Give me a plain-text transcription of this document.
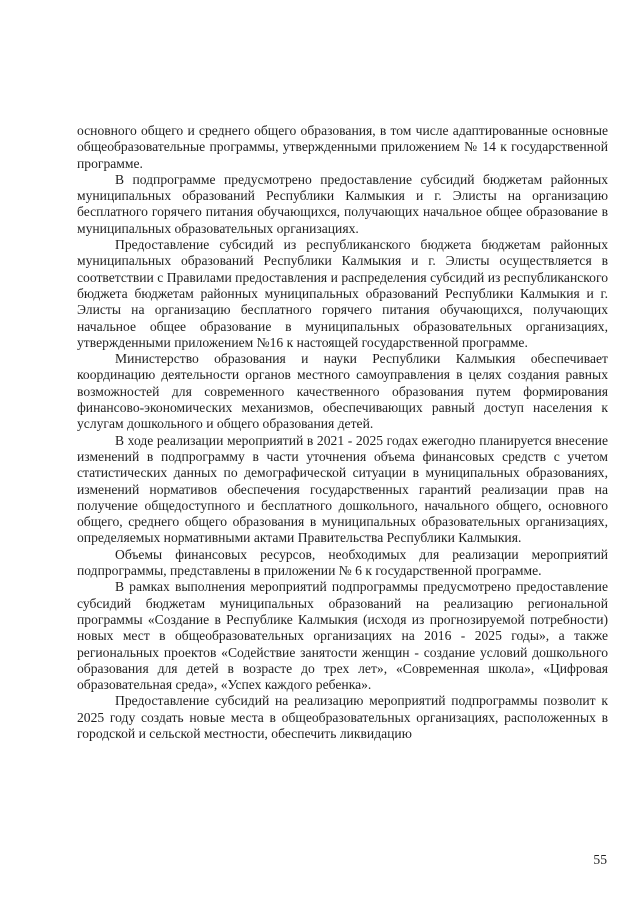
основного общего и среднего общего образования, в том числе адаптированные основные общеобразовательные программы, утвержденными приложением № 14 к государственной программе.

В подпрограмме предусмотрено предоставление субсидий бюджетам районных муниципальных образований Республики Калмыкия и г. Элисты на организацию бесплатного горячего питания обучающихся, получающих начальное общее образование в муниципальных образовательных организациях.

Предоставление субсидий из республиканского бюджета бюджетам районных муниципальных образований Республики Калмыкия и г. Элисты осуществляется в соответствии с Правилами предоставления и распределения субсидий из республиканского бюджета бюджетам районных муниципальных образований Республики Калмыкия и г. Элисты на организацию бесплатного горячего питания обучающихся, получающих начальное общее образование в муниципальных образовательных организациях, утвержденными приложением №16 к настоящей государственной программе.

Министерство образования и науки Республики Калмыкия обеспечивает координацию деятельности органов местного самоуправления в целях создания равных возможностей для современного качественного образования путем формирования финансово-экономических механизмов, обеспечивающих равный доступ населения к услугам дошкольного и общего образования детей.

В ходе реализации мероприятий в 2021 - 2025 годах ежегодно планируется внесение изменений в подпрограмму в части уточнения объема финансовых средств с учетом статистических данных по демографической ситуации в муниципальных образованиях, изменений нормативов обеспечения государственных гарантий реализации прав на получение общедоступного и бесплатного дошкольного, начального общего, основного общего, среднего общего образования в муниципальных образовательных организациях, определяемых нормативными актами Правительства Республики Калмыкия.

Объемы финансовых ресурсов, необходимых для реализации мероприятий подпрограммы, представлены в приложении № 6 к государственной программе.

В рамках выполнения мероприятий подпрограммы предусмотрено предоставление субсидий бюджетам муниципальных образований на реализацию региональной программы «Создание в Республике Калмыкия (исходя из прогнозируемой потребности) новых мест в общеобразовательных организациях на 2016 - 2025 годы», а также региональных проектов «Содействие занятости женщин - создание условий дошкольного образования для детей в возрасте до трех лет», «Современная школа», «Цифровая образовательная среда», «Успех каждого ребенка».

Предоставление субсидий на реализацию мероприятий подпрограммы позволит к 2025 году создать новые места в общеобразовательных организациях, расположенных в городской и сельской местности, обеспечить ликвидацию

55
